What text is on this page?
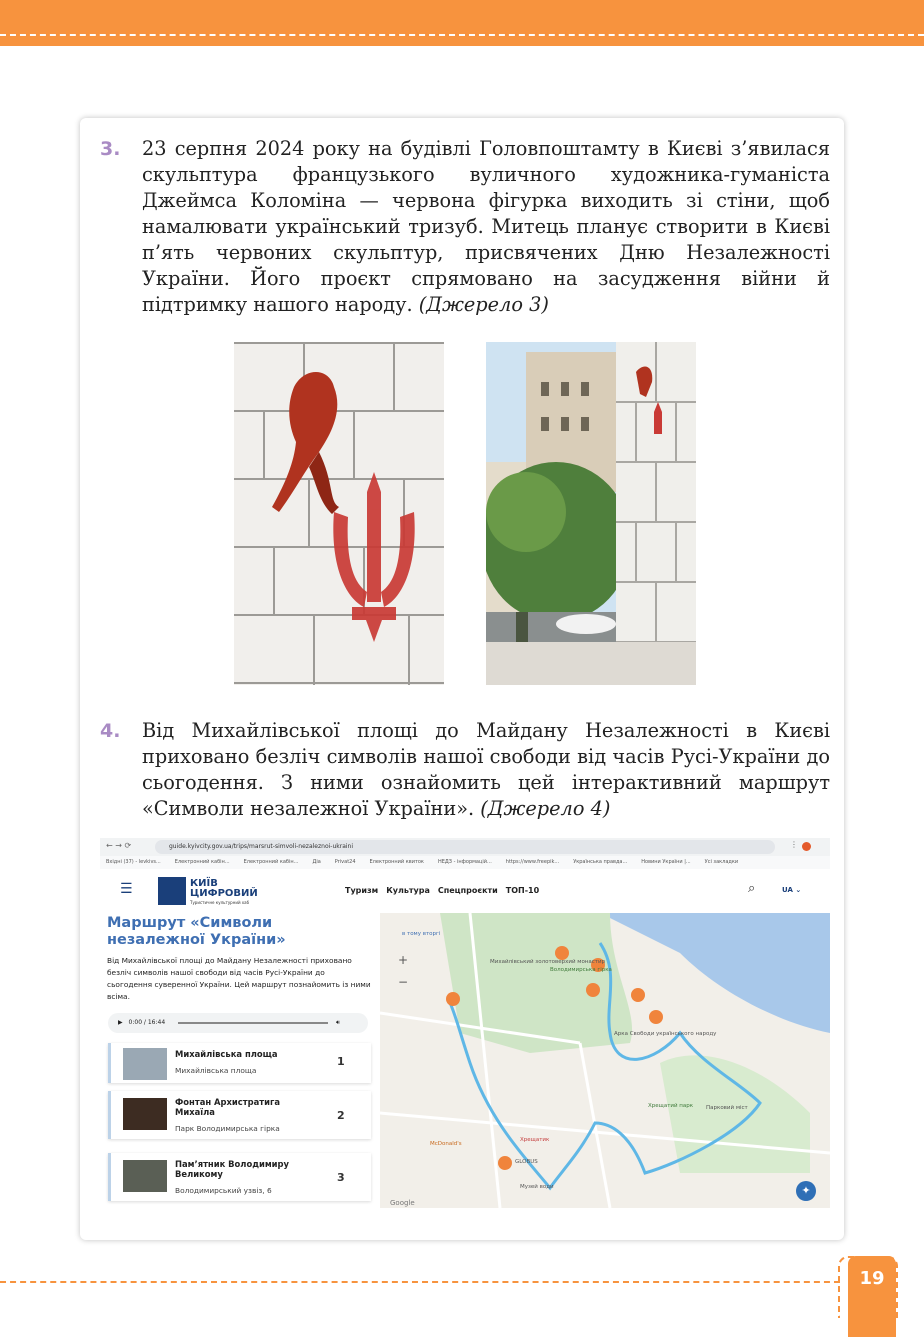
3. 23 серпня 2024 року на будівлі Головпоштамту в Києві з’явилася скульптура французького вуличного художника-гуманіста Джеймса Коломіна — червона фігурка виходить зі стіни, щоб намалювати український тризуб. Митець планує створити в Києві п’ять червоних скульптур, присвячених Дню Незалежності України. Його проєкт спрямовано на засудження війни й підтримку нашого народу. (Джерело 3)
4. Від Михайлівської площі до Майдану Незалежності в Києві приховано безліч символів нашої свободи від часів Русі-України до сьогодення. З ними ознайомить цей інтерактивний маршрут «Символи незалежної України». (Джерело 4)
← → ⟳	guide.kyivcity.gov.ua/trips/marsrut-simvoli-nezaleznoi-ukraini	⋮
Вхідні (37) - levkivs...	Електронний кабін...	Електронний кабін...	Діа	Privat24	Електронний квиток	НЕДЗ - інформацій...	https://www.freepik...	Українська правда...	Новини України |...	Усі закладки
☰	КИЇВ
ЦИФРОВИЙ
Туристичне культурний хаб
Туризм Культура Спецпроєкти ТОП-10	⌕	UA ⌄
Маршрут «Символи незалежної України»
Від Михайлівської площі до Майдану Незалежності приховано безліч символів нашої свободи від часів Русі-України до сьогодення суверенної України. Цей маршрут познайомить із ними всіма.
▶ 0:00 / 16:44	🔊︎
Михайлівська площа
Михайлівська площа
1
Фонтан Архистратига Михаїла
Парк Володимирська гірка
2
Пам’ятник Володимиру Великому
Володимирський узвіз, 6
3
Михайлівський золотоверхий монастир
Володимирська гірка
Хрещатий парк Парковий міст
Арка Свободи українського народу
Хрещатик
GLOBUS
McDonald's
Музей води
в тому вторгі
Google
+
−
✦
19
